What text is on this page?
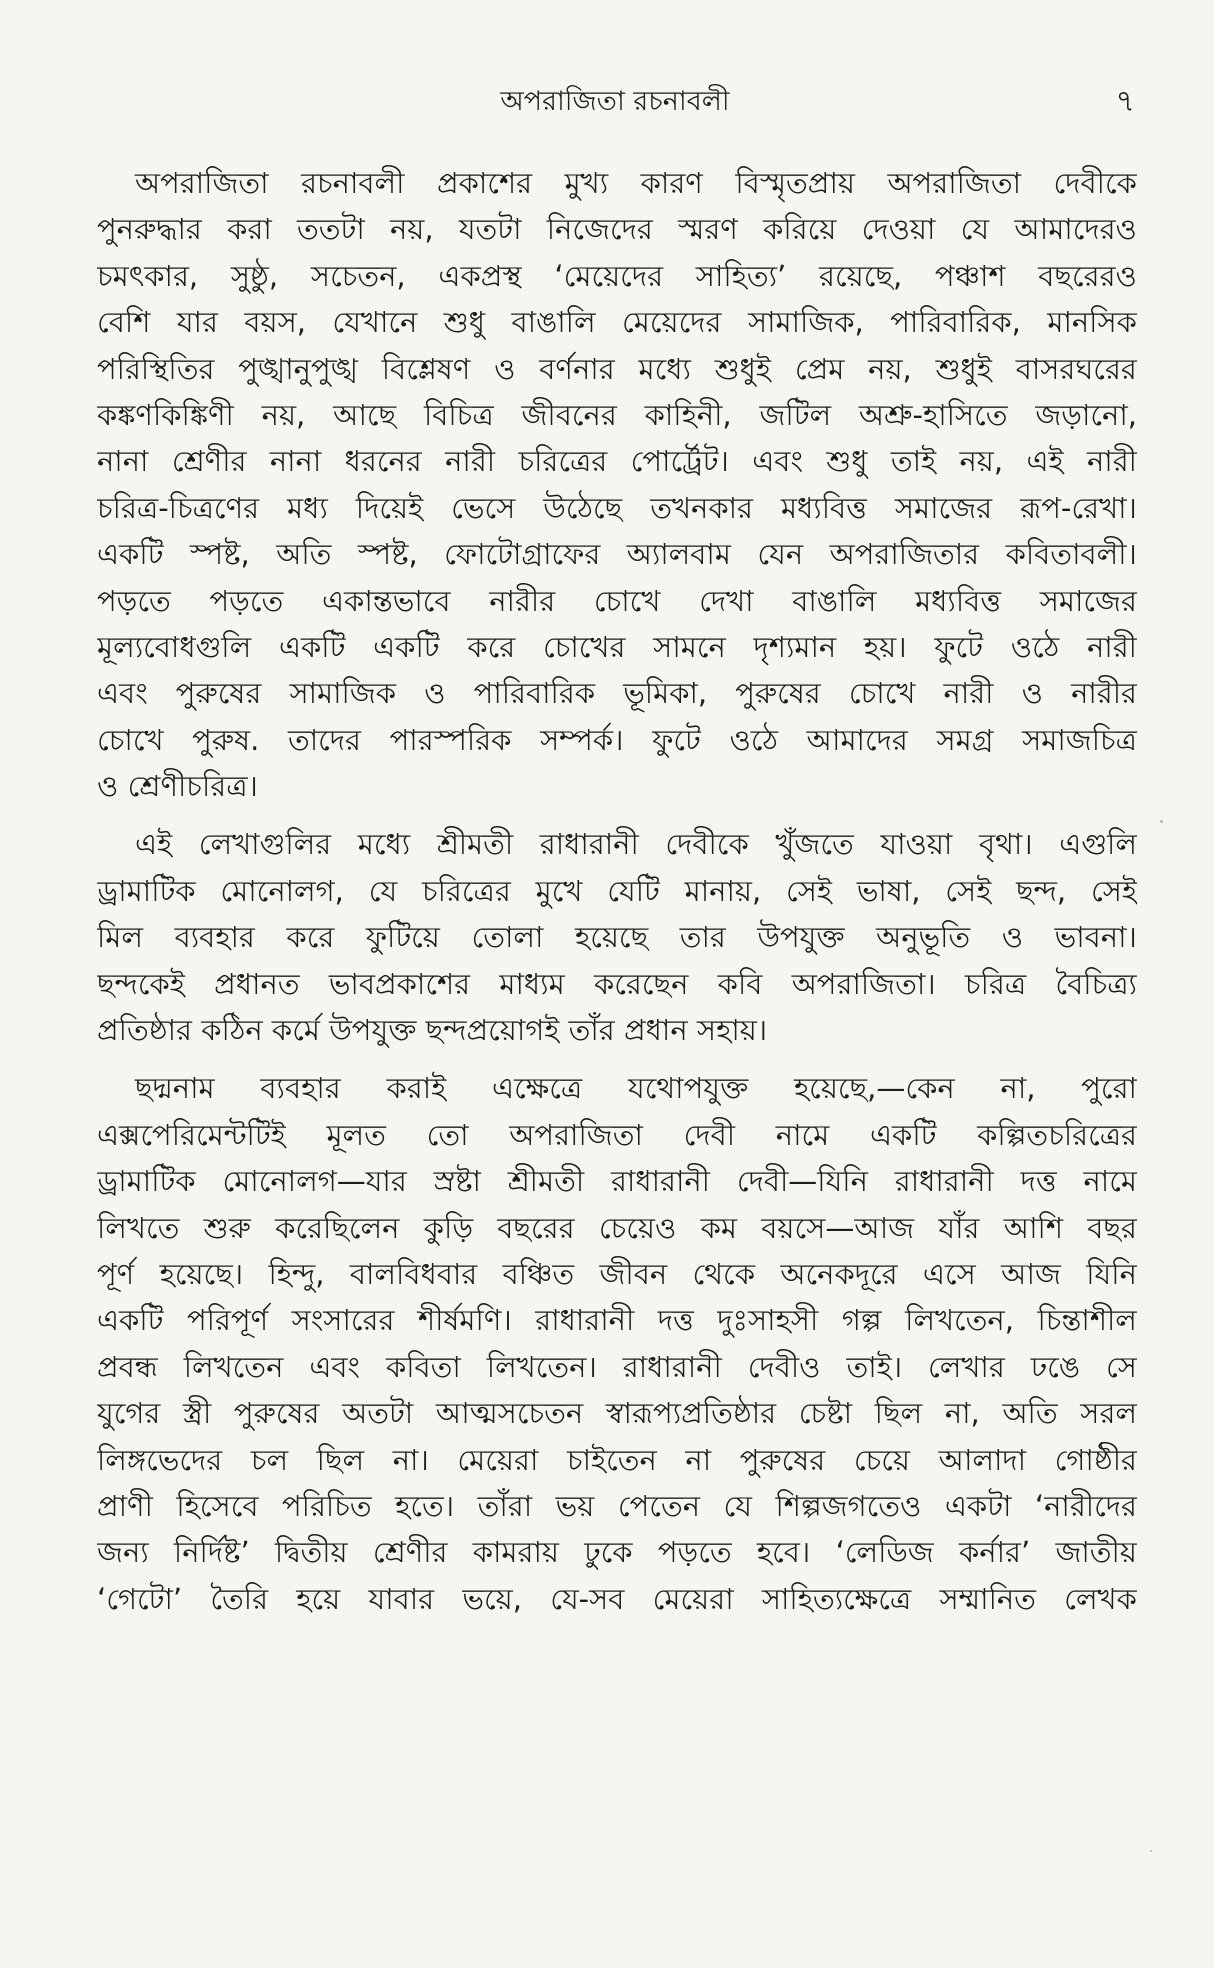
অপরাজিতা রচনাবলী	৭
অপরাজিতা রচনাবলী প্রকাশের মুখ্য কারণ বিস্মৃতপ্রায় অপরাজিতা দেবীকে
পুনরুদ্ধার করা ততটা নয়, যতটা নিজেদের স্মরণ করিয়ে দেওয়া যে আমাদেরও
চমৎকার, সুষ্ঠু, সচেতন, একপ্রস্থ ‘মেয়েদের সাহিত্য’ রয়েছে, পঞ্চাশ বছরেরও
বেশি যার বয়স, যেখানে শুধু বাঙালি মেয়েদের সামাজিক, পারিবারিক, মানসিক
পরিস্থিতির পুঙ্খানুপুঙ্খ বিশ্লেষণ ও বর্ণনার মধ্যে শুধুই প্রেম নয়, শুধুই বাসরঘরের
কঙ্কণকিঙ্কিণী নয়, আছে বিচিত্র জীবনের কাহিনী, জটিল অশ্রু-হাসিতে জড়ানো,
নানা শ্রেণীর নানা ধরনের নারী চরিত্রের পোর্ট্রেট। এবং শুধু তাই নয়, এই নারী
চরিত্র-চিত্রণের মধ্য দিয়েই ভেসে উঠেছে তখনকার মধ্যবিত্ত সমাজের রূপ-রেখা।
একটি স্পষ্ট, অতি স্পষ্ট, ফোটোগ্রাফের অ্যালবাম যেন অপরাজিতার কবিতাবলী।
পড়তে পড়তে একান্তভাবে নারীর চোখে দেখা বাঙালি মধ্যবিত্ত সমাজের
মূল্যবোধগুলি একটি একটি করে চোখের সামনে দৃশ্যমান হয়। ফুটে ওঠে নারী
এবং পুরুষের সামাজিক ও পারিবারিক ভূমিকা, পুরুষের চোখে নারী ও নারীর
চোখে পুরুষ. তাদের পারস্পরিক সম্পর্ক। ফুটে ওঠে আমাদের সমগ্র সমাজচিত্র
ও শ্রেণীচরিত্র।
এই লেখাগুলির মধ্যে শ্রীমতী রাধারানী দেবীকে খুঁজতে যাওয়া বৃথা। এগুলি
ড্রামাটিক মোনোলগ, যে চরিত্রের মুখে যেটি মানায়, সেই ভাষা, সেই ছন্দ, সেই
মিল ব্যবহার করে ফুটিয়ে তোলা হয়েছে তার উপযুক্ত অনুভূতি ও ভাবনা।
ছন্দকেই প্রধানত ভাবপ্রকাশের মাধ্যম করেছেন কবি অপরাজিতা। চরিত্র বৈচিত্র্য
প্রতিষ্ঠার কঠিন কর্মে উপযুক্ত ছন্দপ্রয়োগই তাঁর প্রধান সহায়।
ছদ্মনাম ব্যবহার করাই এক্ষেত্রে যথোপযুক্ত হয়েছে,—কেন না, পুরো
এক্সপেরিমেন্টটিই মূলত তো অপরাজিতা দেবী নামে একটি কল্পিতচরিত্রের
ড্রামাটিক মোনোলগ—যার স্রষ্টা শ্রীমতী রাধারানী দেবী—যিনি রাধারানী দত্ত নামে
লিখতে শুরু করেছিলেন কুড়ি বছরের চেয়েও কম বয়সে—আজ যাঁর আশি বছর
পূর্ণ হয়েছে। হিন্দু, বালবিধবার বঞ্চিত জীবন থেকে অনেকদূরে এসে আজ যিনি
একটি পরিপূর্ণ সংসারের শীর্ষমণি। রাধারানী দত্ত দুঃসাহসী গল্প লিখতেন, চিন্তাশীল
প্রবন্ধ লিখতেন এবং কবিতা লিখতেন। রাধারানী দেবীও তাই। লেখার ঢঙে সে
যুগের স্ত্রী পুরুষের অতটা আত্মসচেতন স্বারূপ্যপ্রতিষ্ঠার চেষ্টা ছিল না, অতি সরল
লিঙ্গভেদের চল ছিল না। মেয়েরা চাইতেন না পুরুষের চেয়ে আলাদা গোষ্ঠীর
প্রাণী হিসেবে পরিচিত হতে। তাঁরা ভয় পেতেন যে শিল্পজগতেও একটা ‘নারীদের
জন্য নির্দিষ্ট’ দ্বিতীয় শ্রেণীর কামরায় ঢুকে পড়তে হবে। ‘লেডিজ কর্নার’ জাতীয়
‘গেটো’ তৈরি হয়ে যাবার ভয়ে, যে-সব মেয়েরা সাহিত্যক্ষেত্রে সম্মানিত লেখক
